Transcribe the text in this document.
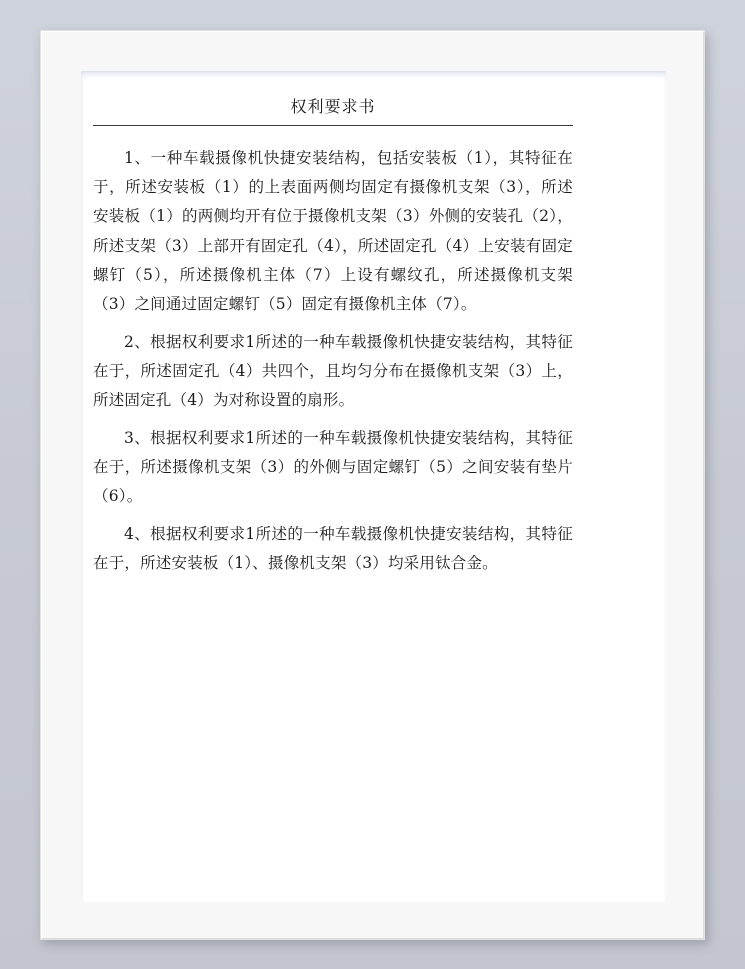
权利要求书

1、一种车载摄像机快捷安装结构，包括安装板（1），其特征在于，所述安装板（1）的上表面两侧均固定有摄像机支架（3），所述安装板（1）的两侧均开有位于摄像机支架（3）外侧的安装孔（2），所述支架（3）上部开有固定孔（4），所述固定孔（4）上安装有固定螺钉（5），所述摄像机主体（7）上设有螺纹孔，所述摄像机支架（3）之间通过固定螺钉（5）固定有摄像机主体（7）。

2、根据权利要求1所述的一种车载摄像机快捷安装结构，其特征在于，所述固定孔（4）共四个，且均匀分布在摄像机支架（3）上，所述固定孔（4）为对称设置的扇形。

3、根据权利要求1所述的一种车载摄像机快捷安装结构，其特征在于，所述摄像机支架（3）的外侧与固定螺钉（5）之间安装有垫片（6）。

4、根据权利要求1所述的一种车载摄像机快捷安装结构，其特征在于，所述安装板（1）、摄像机支架（3）均采用钛合金。
